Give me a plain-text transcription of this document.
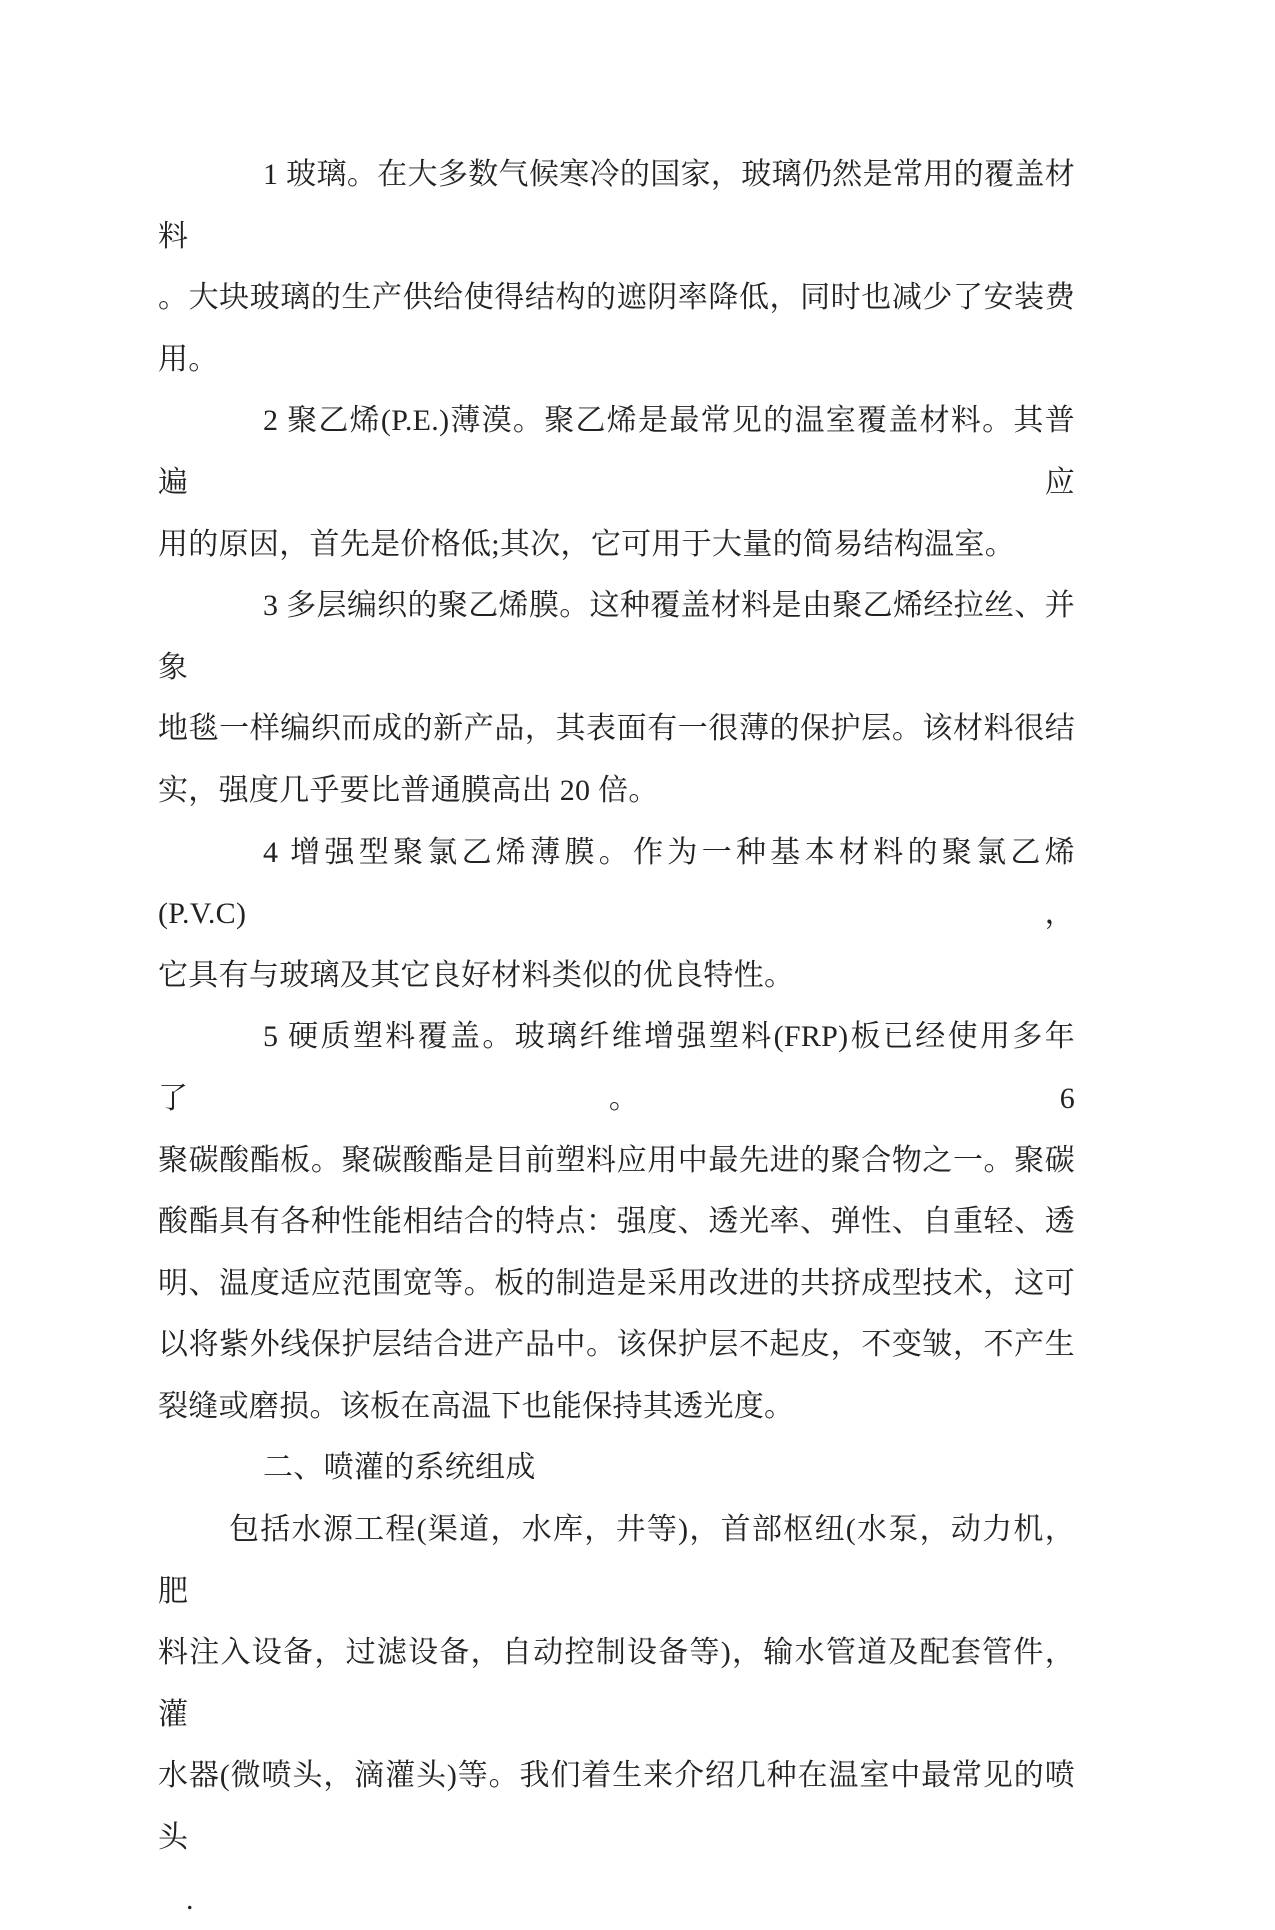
1 玻璃。在大多数气候寒冷的国家，玻璃仍然是常用的覆盖材料
。大块玻璃的生产供给使得结构的遮阴率降低，同时也减少了安装费
用。
2 聚乙烯(P.E.)薄漠。聚乙烯是最常见的温室覆盖材料。其普遍应
用的原因，首先是价格低;其次，它可用于大量的简易结构温室。
3 多层编织的聚乙烯膜。这种覆盖材料是由聚乙烯经拉丝、并象
地毯一样编织而成的新产品，其表面有一很薄的保护层。该材料很结
实，强度几乎要比普通膜高出 20 倍。
4 增强型聚氯乙烯薄膜。作为一种基本材料的聚氯乙烯(P.V.C)，
它具有与玻璃及其它良好材料类似的优良特性。
5 硬质塑料覆盖。玻璃纤维增强塑料(FRP)板已经使用多年了。6
聚碳酸酯板。聚碳酸酯是目前塑料应用中最先进的聚合物之一。聚碳
酸酯具有各种性能相结合的特点：强度、透光率、弹性、自重轻、透
明、温度适应范围宽等。板的制造是采用改进的共挤成型技术，这可
以将紫外线保护层结合进产品中。该保护层不起皮，不变皱，不产生
裂缝或磨损。该板在高温下也能保持其透光度。
二、喷灌的系统组成
包括水源工程(渠道，水库，井等)，首部枢纽(水泵，动力机，肥
料注入设备，过滤设备，自动控制设备等)，输水管道及配套管件，灌
水器(微喷头，滴灌头)等。我们着生来介绍几种在温室中最常见的喷头
.
